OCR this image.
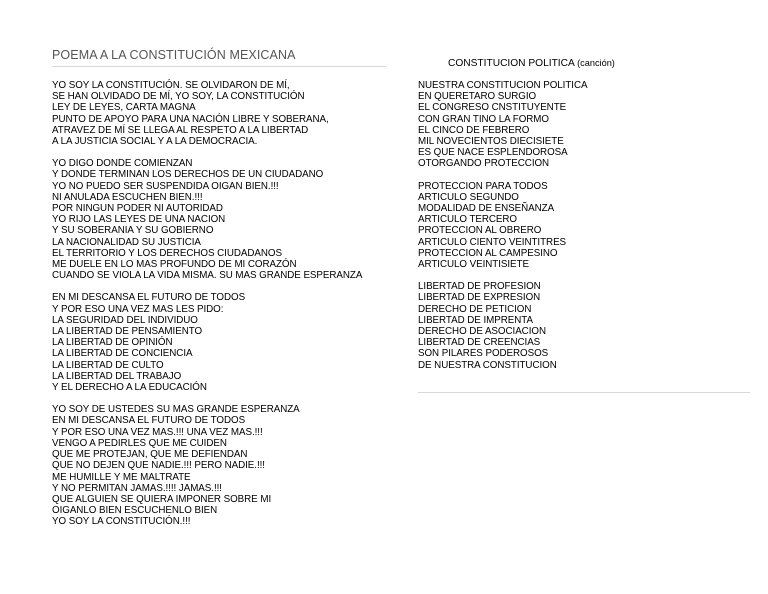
POEMA A LA CONSTITUCIÓN MEXICANA
YO SOY LA CONSTITUCIÓN. SE OLVIDARON DE MÍ,
SE HAN OLVIDADO DE MÍ, YO SOY, LA CONSTITUCIÓN
LEY DE LEYES, CARTA MAGNA
PUNTO DE APOYO PARA UNA NACIÓN LIBRE Y SOBERANA,
ATRAVEZ DE MÍ SE LLEGA AL RESPETO A LA LIBERTAD
A LA JUSTICIA SOCIAL Y A LA DEMOCRACIA.
YO DIGO DONDE COMIENZAN
Y DONDE TERMINAN LOS DERECHOS DE UN CIUDADANO
YO NO PUEDO SER SUSPENDIDA OIGAN BIEN.!!!
NI ANULADA ESCUCHEN BIEN.!!!
POR NINGUN PODER NI AUTORIDAD
YO RIJO LAS LEYES DE UNA NACION
Y SU SOBERANIA Y SU GOBIERNO
LA NACIONALIDAD SU JUSTICIA
EL TERRITORIO Y LOS DERECHOS CIUDADANOS
ME DUELE EN LO MAS PROFUNDO DE MI CORAZÓN
CUANDO SE VIOLA LA VIDA MISMA. SU MAS GRANDE ESPERANZA
EN MI DESCANSA EL FUTURO DE TODOS
Y POR ESO UNA VEZ MAS LES PIDO:
LA SEGURIDAD DEL INDIVIDUO
LA LIBERTAD DE PENSAMIENTO
LA LIBERTAD DE OPINIÓN
LA LIBERTAD DE CONCIENCIA
LA LIBERTAD DE CULTO
LA LIBERTAD DEL TRABAJO
Y EL DERECHO A LA EDUCACIÓN
YO SOY DE USTEDES SU MAS GRANDE ESPERANZA
EN MI DESCANSA EL FUTURO DE TODOS
Y POR ESO UNA VEZ MAS.!!! UNA VEZ MAS.!!!
VENGO A PEDIRLES QUE ME CUIDEN
QUE ME PROTEJAN, QUE ME DEFIENDAN
QUE NO DEJEN QUE NADIE.!!! PERO NADIE.!!!
ME HUMILLE Y ME MALTRATE
Y NO PERMITAN JAMAS.!!!! JAMAS.!!!
QUE ALGUIEN SE QUIERA IMPONER SOBRE MI
OIGANLO BIEN ESCUCHENLO BIEN
YO SOY LA CONSTITUCIÓN.!!!
CONSTITUCION POLITICA (canción)
NUESTRA CONSTITUCION POLITICA
EN QUERETARO SURGIO
EL CONGRESO CNSTITUYENTE
CON GRAN TINO LA FORMO
EL CINCO DE FEBRERO
MIL NOVECIENTOS DIECISIETE
ES QUE NACE ESPLENDOROSA
OTORGANDO PROTECCION
PROTECCION PARA TODOS
ARTICULO SEGUNDO
MODALIDAD DE ENSEÑANZA
ARTICULO TERCERO
PROTECCION AL OBRERO
ARTICULO CIENTO VEINTITRES
PROTECCION AL CAMPESINO
ARTICULO VEINTISIETE
LIBERTAD DE PROFESION
LIBERTAD DE EXPRESION
DERECHO DE PETICION
LIBERTAD DE IMPRENTA
DERECHO DE ASOCIACION
LIBERTAD DE CREENCIAS
SON PILARES PODEROSOS
DE NUESTRA CONSTITUCION
